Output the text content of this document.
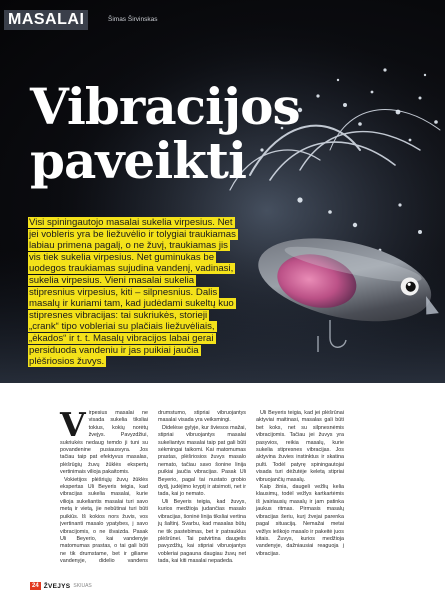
MASALAI	Šimas Širvinskas
Vibracijos
paveikti
Visi spiningautojo masalai sukelia virpesius. Net
jei vobleris yra be liežuvėlio ir tolygiai traukiamas
labiau primena pagalį, o ne žuvį, traukiamas jis
vis tiek sukelia virpesius. Net guminukas be
uodegos traukiamas sujudina vandenį, vadinasi,
sukelia virpesius. Vieni masalai sukelia
stipresnius virpesius, kiti – silpnesnius. Dalis
masalų ir kuriami tam, kad judėdami sukeltų kuo
stipresnes vibracijas: tai sukriukės, storieji
„crank“ tipo vobleriai su plačiais liežuvėliais,
„ėkados“ ir t. t. Masalų vibracijos labai gerai
persiduoda vandeniu ir jas puikiai jaučia
plėšriosios žuvys.

Virpesius masalai ne visada sukelia tiksliai tokius, kokių norėtų žvejys. Pavyzdžiui, sukriukės nedaug temdo ji tuni su povandenine pusiausvyra. Jos tačiau taip pat efektyvus masalas, plėšrūgių žuvų žūklės ekspertų vertinimais vilioja pakaitomis.

Vokietijos plėšriųjų žuvų žūklės ekspertas Uli Beyeris teigia, kad vibracijas sukelia masalai, kurie vilioja sukeliantis masalai turi savo metą ir vietą, jie nebūtinai turi būti puikiūs. Iš kokios nors žuvis, vos įvertinanti masalo ypatybes, į savo vibracijomis, o ne išvaizda. Pasak Uli Beyerio, kai vandenyje matomumas prastas, o tai gali būti ne tik drumstame, bet ir giliame vandenyje, didelio vandens drumstumo, stipriai vibruojantys masalai visada yra veiksmingi.

Didelėse gylyje, kur šviesos mažai, stipriai vibruojantys masalai sukeliantys masalai taip pat gali būti sėkmingai taikomi. Kai matomumas prastas, plėšriosios žuvys masalo nemato, tačiau savo šonine linija puikiai jaučia vibracijas. Pasak Uli Beyerio, pagal tai nustato grobio dydį, judėjimo kryptį ir atsimoti, net ir tada, kai jo nemato.

Uli Beyeris teigia, kad žuvys, kurios medžioja judančias masalo vibracijas, šoninė linija tiksliai vertina jų šaltinį. Svarbu, kad masalas būtų ne tik pastebimas, bet ir patrauklus plėšrūnei. Tai patvirtina daugelis pavyzdžių, kai stipriai vibruojantys vobleriai pagauna daugiau žuvų net tada, kai kiti masalai nepadeda.

Uli Beyeris teigia, kad jei plėšrūnai aktyviai maitinasi, masalas gali būti bet koks, net su silpnesnėmis vibracijomis. Tačiau jei žuvys yra pasyvios, reikia masalų, kurie sukelia stipresnes vibracijas. Jos aktyvina žuvies instinktus ir skatina pulti. Todėl patyrę spiningautojai visada turi dėžutėje keletą stipriai vibruojančių masalų.

Kaip žinia, daugeli vežlių kelia klausimų, todėl vežlys kartkartėmis iš įvairiausių masalų ir jam patinka jaukus ritmas. Pirmasis masalų vibracijas šeriu, kurį žvejai parenka pagal situaciją. Nemažai metai vežlys ieškojo masalo ir pakeitė juos kitais. Žuvys, kurios medžioja vandenyje, dažniausiai reaguoja į vibracijas.

24 ŽVEJYS SKIUAS
